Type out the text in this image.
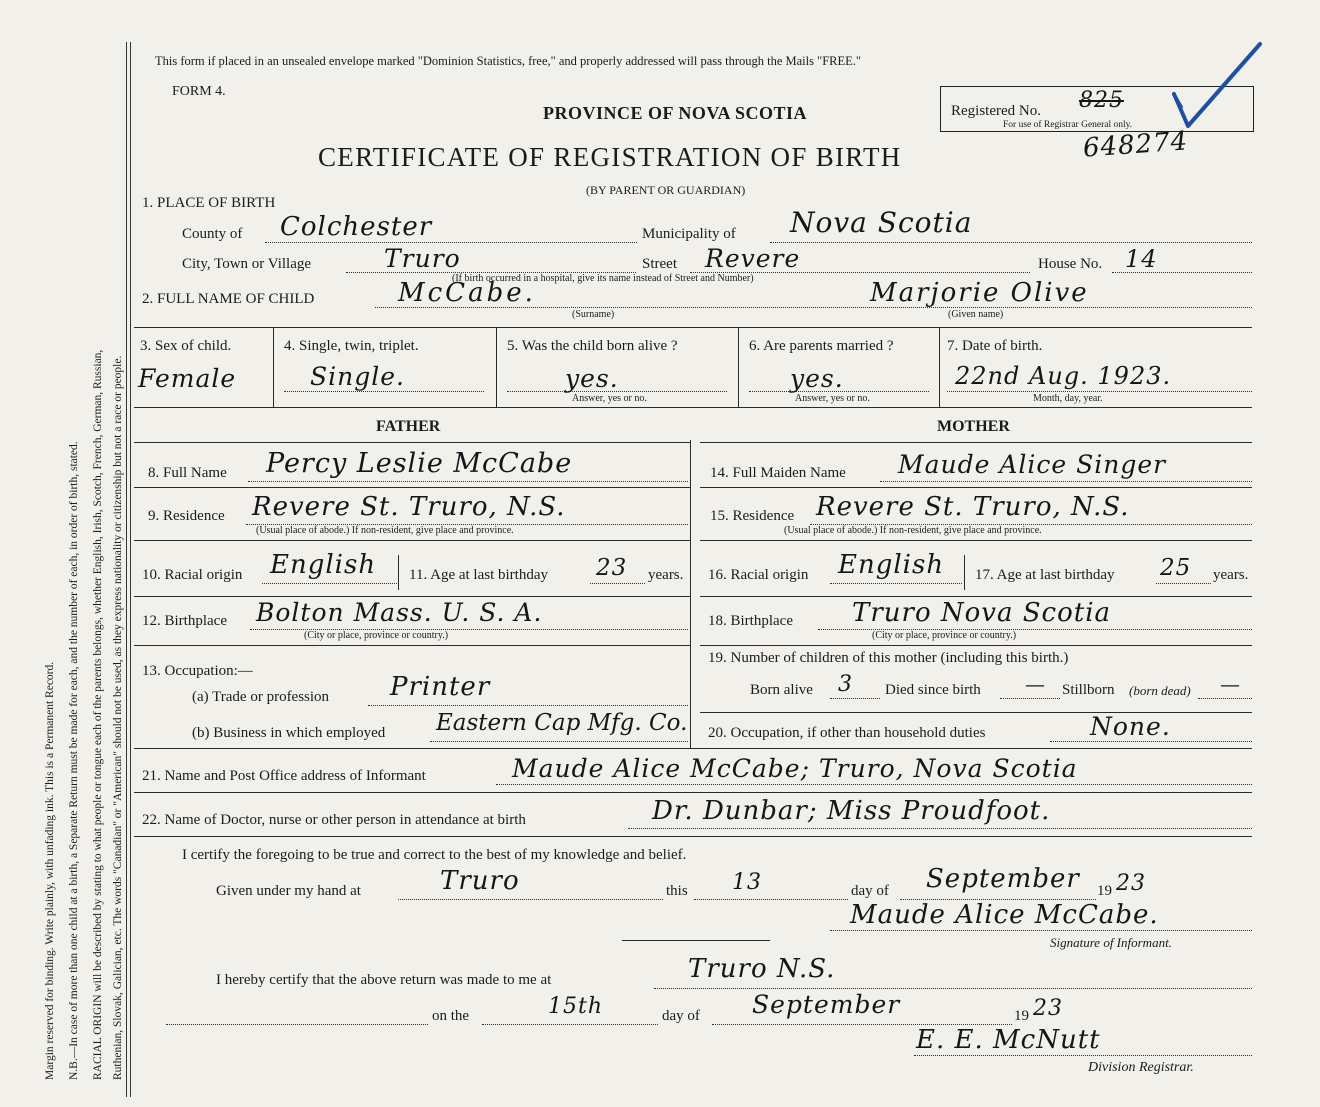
Margin reserved for binding. Write plainly, with unfading ink. This is a Permanent Record. N.B.—In case of more than one child at a birth, a Separate Return must be made for each, and the number of each, in order of birth, stated. RACIAL ORIGIN will be described by stating to what people or tongue each of the parents belongs, whether English, Irish, Scotch, French, German, Russian, Ruthenian, Slovak, Galician, etc. The words "Canadian" or "American" should not be used, as they express nationality or citizenship but not a race or people.
This form if placed in an unsealed envelope marked "Dominion Statistics, free," and properly addressed will pass through the Mails "FREE."
FORM 4.
PROVINCE OF NOVA SCOTIA
CERTIFICATE OF REGISTRATION OF BIRTH
(BY PARENT OR GUARDIAN)
Registered No. 825
For use of Registrar General only.
648274
1. PLACE OF BIRTH
County of Colchester	Municipality of Nova Scotia
City, Town or Village	Truro	Street Revere	House No. 14
(If birth occurred in a hospital, give its name instead of Street and Number)
2. FULL NAME OF CHILD	McCabe.
(Surname)
Marjorie Olive
(Given name)
3. Sex of child.
Female
4. Single, twin, triplet.
Single.
5. Was the child born alive ?
yes.
Answer, yes or no.
6. Are parents married ?
yes.
Answer, yes or no.
7. Date of birth.
22nd Aug. 1923.
Month, day, year.
FATHER	MOTHER
8. Full Name Percy Leslie McCabe
9. Residence Revere St. Truro, N.S.
(Usual place of abode.) If non-resident, give place and province.
10. Racial origin English 11. Age at last birthday 23 years.
12. Birthplace Bolton Mass. U. S. A.
(City or place, province or country.)
13. Occupation:—
(a) Trade or profession Printer
(b) Business in which employed Eastern Cap Mfg. Co.
14. Full Maiden Name Maude Alice Singer
15. Residence Revere St. Truro, N.S.
(Usual place of abode.) If non-resident, give place and province.
16. Racial origin English 17. Age at last birthday 25 years.
18. Birthplace Truro Nova Scotia
(City or place, province or country.)
19. Number of children of this mother (including this birth.)
Born alive 3 Died since birth — Stillborn (born dead) —
20. Occupation, if other than household duties	None.
21. Name and Post Office address of Informant	Maude Alice McCabe; Truro, Nova Scotia
22. Name of Doctor, nurse or other person in attendance at birth	Dr. Dunbar; Miss Proudfoot.
I certify the foregoing to be true and correct to the best of my knowledge and belief.
Given under my hand at	Truro	this 13	day of September 19 23
Maude Alice McCabe.
Signature of Informant.
I hereby certify that the above return was made to me at	Truro N.S.
on the	15th	day of September	19 23
E. E. McNutt
Division Registrar.
